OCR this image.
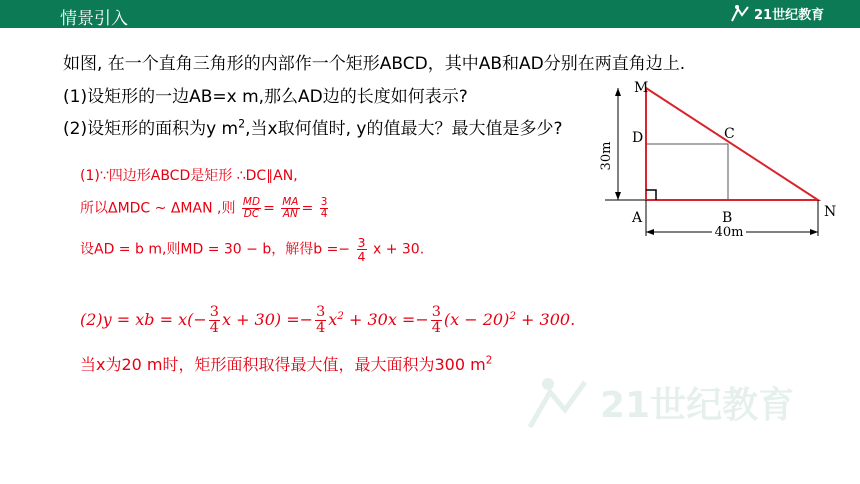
情景引入	21世纪教育
21世纪教育
如图, 在一个直角三角形的内部作一个矩形ABCD，其中AB和AD分别在两直角边上.
(1)设矩形的一边AB=x m,那么AD边的长度如何表示?
(2)设矩形的面积为y $m^2$,当x取何值时, y的值最大？最大值是多少?
(1)∵四边形ABCD是矩形 ∴DC∥AN,
所以ΔMDC ~ ΔMAN ,则 $\frac{MD}{DC} = \frac{MA}{AN} = \frac{3}{4}$
设AD = b m,则MD = 30 − b，解得$b =- \frac{3}{4}$ x + 30.
(2)y = xb = $x(- \frac{3}{4}$ $x + 30) =- \frac{3}{4} x^2 + 30x =- \frac{3}{4} (x - 20)^2 + 300$.
当x为20 m时，矩形面积取得最大值，最大面积为300 $m^2$
30m
40m
M
D	C
A	B	N
